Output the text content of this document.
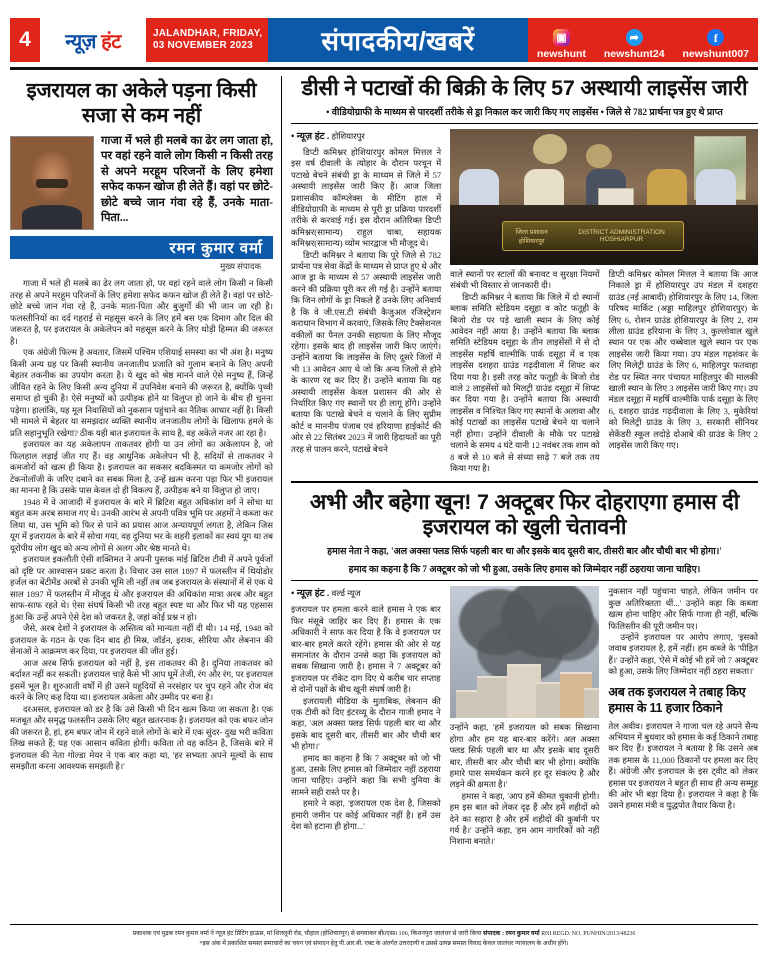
4	न्यूज़ हंट	JALANDHAR, FRIDAY,
03 NOVEMBER 2023	संपादकीय/खबरें	▣
newshunt
➦
newshunt24
f
newshunt007
इजरायल का अकेले पड़ना किसी सजा से कम नहीं
गाजा में भले ही मलबे का ढेर लग जाता हो, पर वहां रहने वाले लोग किसी न किसी तरह से अपने मरहूम परिजनों के लिए हमेशा सफेद कफन खोज ही लेते हैं। वहां पर छोटे-छोटे बच्चे जान गंवा रहे हैं, उनके माता-पिता...
रमन कुमार वर्मा
मुख्य संपादक

गाजा में भले ही मलबे का ढेर लग जाता हो, पर वहां रहने वाले लोग किसी न किसी तरह से अपने मरहूम परिजनों के लिए हमेशा सफेद कफन खोज ही लेते हैं। वहां पर छोटे-छोटे बच्चे जान गंवा रहे हैं, उनके माता-पिता और बुजुर्गों की भी जान जा रही है। फलस्तीनियों का दर्द गहराई से महसूस करने के लिए हमें बस एक दिमाग और दिल की जरूरत है, पर इजरायल के अकेलेपन को महसूस करने के लिए थोड़ी हिम्मत की जरूरत है।

एक अंग्रेजी फिल्म है अवतार, जिसमें पश्चिम एशियाई समस्या का भी अंश है। मनुष्य किसी अन्य ग्रह पर किसी स्थानीय जनजातीय प्रजाति को गुलाम बनाने के लिए अपनी बेहतर तकनीक का उपयोग करता है। ये खुद को श्रेष्ठ मानने वाले ऐसे मनुष्य हैं, जिन्हें जीवित रहने के लिए किसी अन्य दुनिया में उपनिवेश बनाने की जरूरत है, क्योंकि पृथ्वी समाप्त हो चुकी है। ऐसे मनुष्यों को उत्पीड़क होने या विलुप्त हो जाने के बीच ही चुनना पड़ेगा। हालांकि, यह मूल निवासियों को नुकसान पहुंचाने का नैतिक आधार नहीं है। किसी भी मामले में बेहतर या समझदार व्यक्ति स्थानीय जनजातीय लोगों के खिलाफ हमले के प्रति सहानुभूति रखेगा? ठीक यही बात इजरायल के साथ है, वह अकेले नजर आ रहा है।

इजरायल का यह अकेलापन ताकतवर होगी या उन लोगों का अकेलापन है, जो फिलहाल लड़ाई जीत गए हैं। वह आधुनिक अकेलेपन भी है, सदियों से ताकतवर ने कमजोरों को खत्म ही किया है। इजरायल का सकसर बदकिस्मत या कमजोर लोगों को टेकनोलॉजी के जरिए दबाने का सबक मिला है, उन्हें ख़त्म करना पड़ा फिर भी इजरायल का मानना है कि उसके पास केवल दो ही विकल्प हैं, उत्पीड़क बने या विलुप्त हो जाए।

1948 में वे आजादी में इजरायल के बारे में ब्रिटिश बहुत अधिकांश वर्ग ने सोचा था बहुत कम अरब समाज गए थे। उनकी आरंभ से अपनी पवित्र भूमि पर अहमों ने कब्जा कर लिया था, उस भूमि को फिर से पाने का प्रयास आज अन्यायपूर्ण लगता है, लेकिन जिस यूग में इजरायल के बारे में सोचा गया, वह दुनिया भर के शहरी इलाकों का स्वयं यूग था तब यूरोपीय लोग खुद को अन्य लोगों से अलग और श्रेष्ठ मानते थे।

इजरायल इकलौती ऐसी शक्तिमत ने अपनी पुस्तक मांई ब्रिटिश टीवी में अपने पूर्वजों को दृष्टि पर आश्वासन प्रकट करता है। विचार उस साल 1897 में फलस्तीन में थियोडोर हर्जल का बेंटीमेंड अरबों से उनकी भूमि ली नहीं तब जब इजरायल के संस्थानों में से एक थे साल 1897 में फलस्तीन में मौजूद थे और इजरायल की अधिकांश मात्रा अरब और बहुत साफ-साफ रहते थे। ऐसा संघर्ष किसी भी तरह बहुत स्पष्ट था और फिर भी यह एहसास हुआ कि उन्हें अपने ऐसे देश को जकरत है, जहां कोई प्रश्न न हो।

जैसे, अरब देशों ने इजरायल के अस्तित्व को मान्यता नहीं दी थी। 14 मई, 1948 को इजरायल के गठन के एक दिन बाद ही मिस्र, जॉर्डन, इराक, सीरिया और लेबनान की सेनाओं ने आक्रमण कर दिया, पर इजरायल की जीत हुई।

आज अरब सिर्फ इजरायल को नहीं है, इस ताकतवर की है। दुनिया ताकतवर को बर्दाश्त नहीं कर सकती। इजरायल चाहे कैसे भी आप घूमें तेजी, रंग और रंग, पर इजरायल इसमें भूल है। शुरुआती वर्षों में ही उसने यहूदियों से नरसंहार पर चुप रहने और रोज बंद करने के लिए कह दिया था। इजरायल अकेला और उम्मीद पर बना है।

दरअसल, इजरायल को डर है कि उसे किसी भी दिन खत्म किया जा सकता है। एक मजबूत और समृद्ध फलस्तीन उसके लिए बहुत खतरनाक है। इजरायल को एक बफर जोन की जरूरत है, हां, हम बफर जोन में रहने वाले लोगों के बारे में एक सुंदर- दुख भरी कविता लिख सकते हैं; यह एक आसान कविता होगी। कविता तो वह कठिन है, जिसके बारे में इजरायल की नेता गोल्डा मेयर ने एक बार कहा था, 'हर सभ्यता अपने मूल्यों के साथ समझौता करना आवश्यक समझती है।'

डीसी ने पटाखों की बिक्री के लिए 57 अस्थायी लाइसेंस जारी
• वीडियोग्राफी के माध्यम से पारदर्शी तरीके से ड्रा निकाल कर जारी किए गए लाइसेंस • जिले से 782 प्रार्थना पत्र हुए थे प्राप्त
• न्यूज़ हंट . होशियारपुर

डिप्टी कमिश्नर होशियारपुर कोमल मित्तल ने इस वर्ष दीवाली के त्योहार के दौरान परचून में पटाखे बेचने संबंधी ड्रा के माध्यम से जिले में 57 अस्थायी लाइसेंस जारी किए हैं। आज जिला प्रशासकीय कॉम्प्लेक्स के मीटिंग हाल में वीडियोग्राफी के माध्यम से पूरी ड्रा प्रक्रिया पारदर्शी तरीके से करवाई गई। इस दौरान अतिरिक्त डिप्टी कमिश्नर(सामान्य) राहुल चाबा, सहायक कमिश्नर(सामान्य) व्योम भारद्वाज भी मौजूद थे।

डिप्टी कमिश्नर ने बताया कि पूरे जिले से 782 प्रार्थना पत्र सेवा केंद्रों के माध्यम से प्राप्त हुए थे और आज ड्रा के माध्यम से 57 अस्थायी लाइसेंस जारी करने की प्रक्रिया पूरी कर ली गई है। उन्होंने बताया कि जिन लोगों के ड्रा निकले हैं उनके लिए अनिवार्य है कि वे जी.एस.टी संबंधी कैजुअल रजिस्ट्रेशन कराधान विभाग में करवाएं, जिसके लिए टैक्सेशनल वकीलों का पैनल उनकी सहायता के लिए मौजूद रहेगा। इसके बाद ही लाइसेंस जारी किए जाएंगे। उन्होंने बताया कि लाइसेंस के लिए दूसरे जिलों में भी 13 आवेदन आए थे जो कि अन्य जिलों से होने के कारण रद्द कर दिए हैं। उन्होंने बताया कि यह अस्थायी लाइसेंस केवल प्रशासन की ओर से निर्धारित किए गए स्थानों पर ही लागू होंगे। उन्होंने बताया कि पटाखे बेचने व चलाने के लिए सुप्रीम कोर्ट व माननीय पंजाब एवं हरियाणा हाईकोर्ट की ओर से 22 सितंबर 2023 में जारी हिदायतों का पूरी तरह से पालन करने, पटाखे बेचने

जिला प्रशासन होशियारपुर
DISTRICT ADMINISTRATION HOSHIARPUR

वाले स्थानों पर स्टालों की बनावट व सुरक्षा नियमों संबंधी भी विस्तार से जानकारी दी।

डिप्टी कमिश्नर ने बताया कि जिले में दो स्थानों ब्लाक समिति स्टेडियम दसूहा व कोट फतूही के बिजो रोड पर पड़े खाली स्थान के लिए कोई आवेदन नहीं आया है। उन्होंने बताया कि ब्लाक समिति स्टेडियम दसूहा के तीन लाइसेंसों में से दो लाइसेंस महर्षि वाल्मीकि पार्क दसूहा में व एक लाइसेंस दशहरा ग्राउंड गढ़दीवाला में शिफ्ट कर दिया गया है। इसी तरह कोट फतूही के बिजो रोड वाले 2 लाइसेंसों को मिलट्री ग्राउंड दसूहा में शिफ्ट कर दिया गया है। उन्होंने बताया कि अस्थायी लाइसेंस व निश्चित किए गए स्थानों के अलावा और कोई पटाखों का लाइसेंस पटाखे बेचने या चलाने नहीं होगा। उन्होंने दीवाली के मौके पर पटाखे चलाने के समय 4 घंटे यानी 12 नवंबर तक शाम को 8 बजे से 10 बजे से संध्या साढ़े 7 बजे तक तय किया गया है।

डिप्टी कमिश्नर कोमल मित्तल ने बताया कि आज निकाले ड्रा में होशियारपुर उप मंडल में दशहरा ग्राउंड (नई आबादी) होशियारपुर के लिए 14, जिला परिषद मार्किट (अड्डा माहिलपुर होशियारपुर) के लिए 6, रोशन ग्राउंड होशियारपुर के लिए 2, राम लीला ग्राउंड हरियाना के लिए 3, कुल्लोवाल खुले स्थान पर एक और चब्बेवाल खुले स्थान पर एक लाइसेंस जारी किया गया। उप मंडल गढ़शंकर के लिए मिलेट्री ग्राउंड के लिए 6, माहिलपुर फतवाहा रोड पर स्थित नगर पंचायत माहिलपुर की मालकी खाली स्थान के लिए 3 लाइसेंस जारी किए गए। उप मंडल दसूहा में महर्षि वाल्मीकि पार्क दसूहा के लिए 6, दशहरा ग्राउंड गढ़दीवाला के लिए 3, मुकेरियां को मिलेट्री ग्राउंड के लिए 3, सरकारी सीनियर सेकेंडरी स्कूल लदोड़े दोआबे की ग्राउंड के लिए 2 लाइसेंस जारी किए गए।

अभी और बहेगा खून! 7 अक्टूबर फिर दोहराएगा हमास दी इजरायल को खुली चेतावनी
हमास नेता ने कहा, 'अल अक्सा फ्लड सिर्फ पहली बार था और इसके बाद दूसरी बार, तीसरी बार और चौथी बार भी होगा।'
हमाद का कहना है कि 7 अक्टूबर को जो भी हुआ, उसके लिए हमास को जिम्मेदार नहीं ठहराया जाना चाहिए।
• न्यूज़ हंट . वर्ल्ड न्यूज

इजरायल पर हमला करने वाले हमास ने एक बार फिर मंसूबे जाहिर कर दिए हैं। हमास के एक अधिकारी ने साफ कर दिया है कि वे इजरायल पर बार-बार हमले करते रहेंगे। हमास की ओर से यह समानांतर के दौरान उनसे कहा कि इजरायल को सबक सिखाना जारी है। हमास ने 7 अक्टूबर को इजरायल पर रॉकेट दाग दिए थे करीब चार सप्ताह से दोनों पक्षों के बीच खूनी संघर्ष जारी है।

इजरायली मीडिया के मुताबिक, लेबनान की एक टीवी को दिए इंटरव्यू के दौरान गाजी हमाद ने कहा, 'अल अक्सा फ्लड सिर्फ पहली बार था और इसके बाद दूसरी बार, तीसरी बार और चौथी बार भी होगा।'

हमाद का कहना है कि 7 अक्टूबर को जो भी हुआ, उसके लिए हमास को जिम्मेदार नहीं ठहराया जाना चाहिए। उन्होंने कहा कि सभी दुनिया के सामने सही रास्ते पर है।

हमारे ने कहा, 'इजरायल एक देश है, जिसको हमारी जमीन पर कोई अधिकार नहीं है। हमें उस देश को हटाना ही होगा...'

उन्होंने कहा, 'हमें इजरायल को सबक सिखाना होगा और हम यह बार-बार करेंगे। अल अक्सा फ्लड सिर्फ पहली बार था और इसके बाद दूसरी बार, तीसरी बार और चौथी बार भी होगा। क्योंकि हमारे पास समर्थकन करने हर दूर संकल्प है और लड़ने की क्षमता है।'

हमास ने कहा, 'आप हमें कीमत चुकानी होगी। हम इस बात को लेकर दृढ़ हैं और हमें शहीदों को देने का सहारा है और हमें शहीदों की कुर्बानी पर गर्व है।' उन्होंने कहा, 'हम आम नागरिकों को नहीं निशाना बनाते।'

नुकसान नहीं पहुंचाना चाहते, लेकिन जमीन पर कुछ अतिरिक्तता थीं...' उन्होंने कहा कि कब्जा खत्म होना चाहिए और सिर्फ गाजा ही नहीं, बल्कि फिलिस्तीन की पूरी जमीन पर।

उन्होंने इजरायल पर आरोप लगाए, 'इसको जवाब इजरायल है, हमें नहीं। हम कब्जे के 'पीड़ित हैं।' उन्होंने कहा, 'ऐसे में कोई भी हमें जो 7 अक्टूबर को हुआ, उसके लिए जिम्मेदार नहीं ठहरा सकता।'

अब तक इजरायल ने तबाह किए हमास के 11 हजार ठिकाने

तेल अवीव। इजरायल ने गाजा चल रहे अपने सैन्य अभियान में बुधवार को हमास के कई ठिकाने तबाह कर दिए हैं। इजरायल ने बताया है कि उसने अब तक हमास के 11,000 ठिकानों पर हमला कर दिए हैं। अंग्रेजी और इजरायल के इस ट्वीट को लेकर हमास पर इजरायल ने बहुत ही साथ ही अन्य सम्मूह की ओर भी बड़ा दिया है। इजरायल ने कहा है कि उसने हमास मंत्री व युद्धपोत तैयार किया है।

प्रकाशक एवं मुद्रक रमन कुमार वर्मा ने न्यूज़ हंट प्रिंटिंग हाऊस, मां शितलूनी रोड, चौहाल (होशियारपुर) से छपवाकर बी0एस0 106, किशनपुरा जालंधर से जारी किया संपादक : रमन कुमार वर्मा RNI REGD. NO. PUNHIN/2013/48236
*इस अंक में प्रकाशित समस्त समाचारों का चयन एवं संपादन हेतु पी.आर.बी. एक्ट के अंतर्गत उत्तरदायी व उससे उत्पन्न समस्त विवाद केवल जालंधर न्यायालय के अधीन होंगे।
